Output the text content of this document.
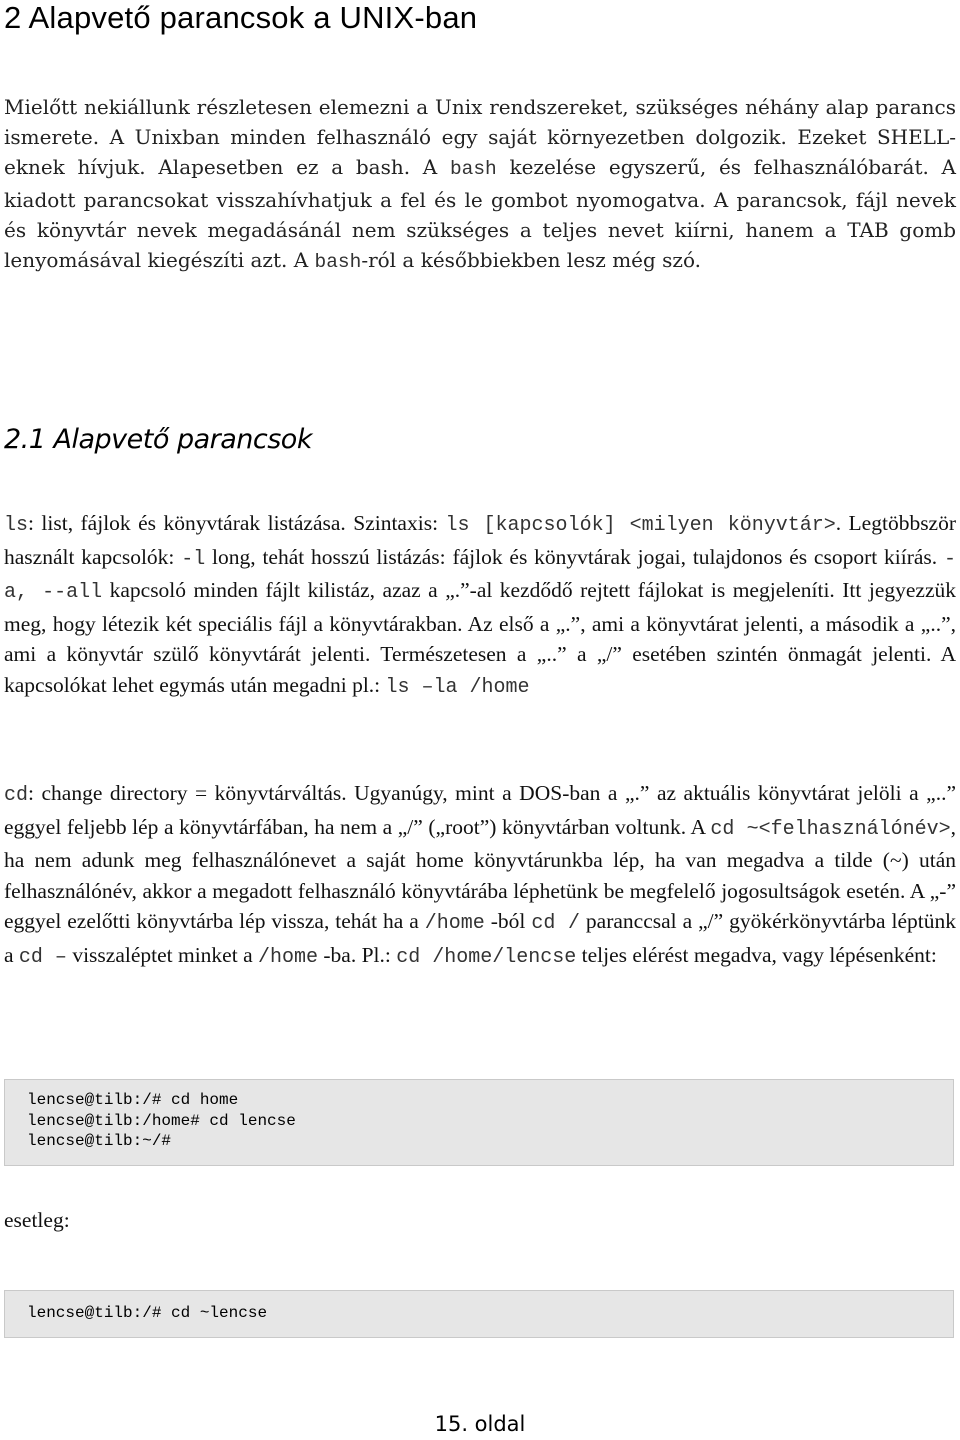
2 Alapvető parancsok a UNIX-ban

Mielőtt nekiállunk részletesen elemezni a Unix rendszereket, szükséges néhány alap parancs ismerete. A Unixban minden felhasználó egy saját környezetben dolgozik. Ezeket SHELL-eknek hívjuk. Alapesetben ez a bash. A bash kezelése egyszerű, és felhasználóbarát. A kiadott parancsokat visszahívhatjuk a fel és le gombot nyomogatva. A parancsok, fájl nevek és könyvtár nevek megadásánál nem szükséges a teljes nevet kiírni, hanem a TAB gomb lenyomásával kiegészíti azt. A bash-ról a későbbiekben lesz még szó.

2.1 Alapvető parancsok

ls: list, fájlok és könyvtárak listázása. Szintaxis: ls [kapcsolók] <milyen könyvtár>. Legtöbbször használt kapcsolók: -l long, tehát hosszú listázás: fájlok és könyvtárak jogai, tulajdonos és csoport kiírás. -a, --all kapcsoló minden fájlt kilistáz, azaz a „.”-al kezdődő rejtett fájlokat is megjeleníti. Itt jegyezzük meg, hogy létezik két speciális fájl a könyvtárakban. Az első a „.”, ami a könyvtárat jelenti, a második a „..”, ami a könyvtár szülő könyvtárát jelenti. Természetesen a „..” a „/” esetében szintén önmagát jelenti. A kapcsolókat lehet egymás után megadni pl.: ls –la /home

cd: change directory = könyvtárváltás. Ugyanúgy, mint a DOS-ban a „.” az aktuális könyvtárat jelöli a „..” eggyel feljebb lép a könyvtárfában, ha nem a „/” („root”) könyvtárban voltunk. A cd ~<felhasználónév>, ha nem adunk meg felhasználónevet a saját home könyvtárunkba lép, ha van megadva a tilde (~) után felhasználónév, akkor a megadott felhasználó könyvtárába léphetünk be megfelelő jogosultságok esetén. A „-” eggyel ezelőtti könyvtárba lép vissza, tehát ha a /home -ból cd / paranccsal a „/” gyökérkönyvtárba léptünk a cd – visszaléptet minket a /home -ba. Pl.: cd /home/lencse teljes elérést megadva, vagy lépésenként:

lencse@tilb:/# cd home
lencse@tilb:/home# cd lencse
lencse@tilb:~/#
esetleg:
lencse@tilb:/# cd ~lencse
15. oldal
